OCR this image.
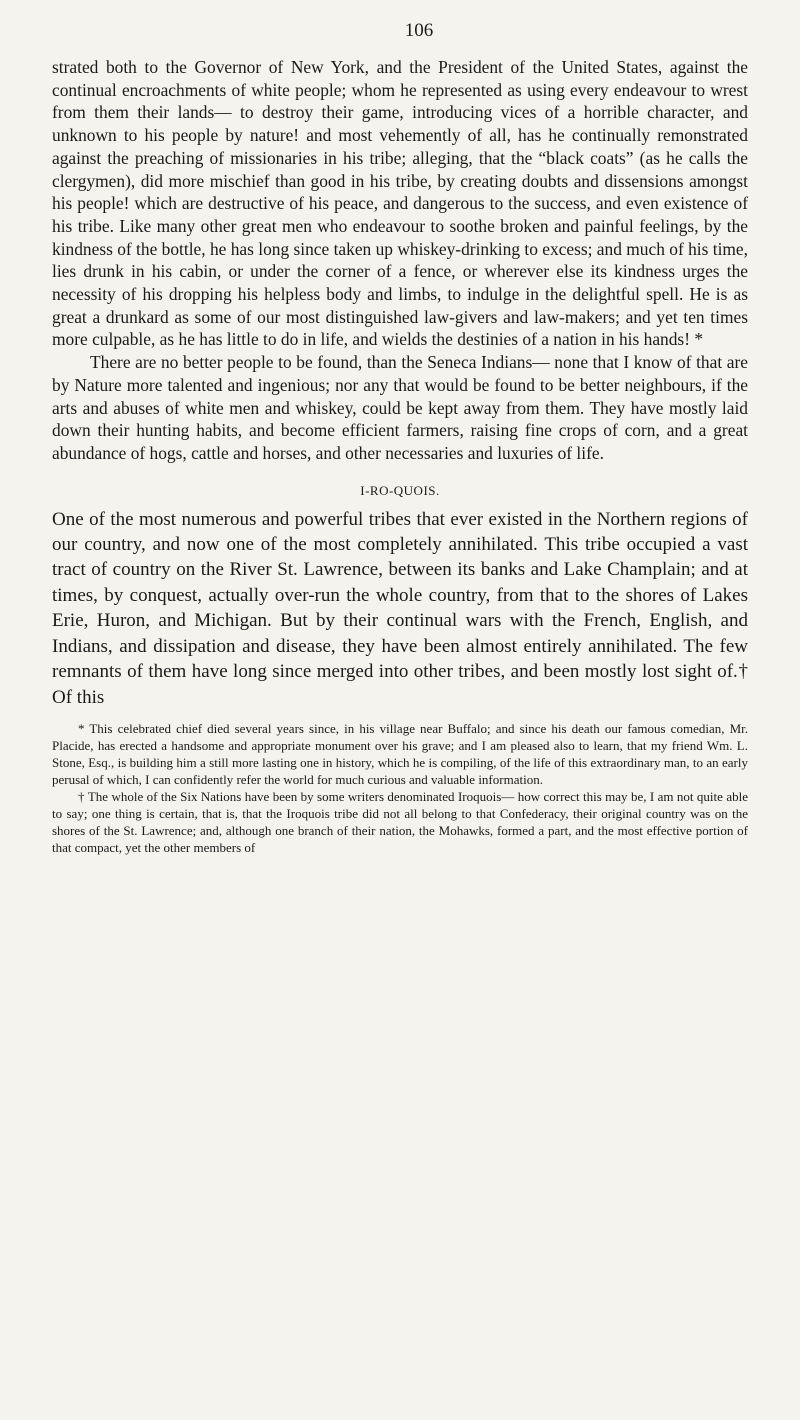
106

strated both to the Governor of New York, and the President of the United States, against the continual encroachments of white people; whom he represented as using every endeavour to wrest from them their lands— to destroy their game, introducing vices of a horrible character, and unknown to his people by nature! and most vehemently of all, has he continually remonstrated against the preaching of missionaries in his tribe; alleging, that the “black coats” (as he calls the clergymen), did more mischief than good in his tribe, by creating doubts and dissensions amongst his people! which are destructive of his peace, and dangerous to the success, and even existence of his tribe. Like many other great men who endeavour to soothe broken and painful feelings, by the kindness of the bottle, he has long since taken up whiskey-drinking to excess; and much of his time, lies drunk in his cabin, or under the corner of a fence, or wherever else its kindness urges the necessity of his dropping his helpless body and limbs, to indulge in the delightful spell. He is as great a drunkard as some of our most distinguished law-givers and law-makers; and yet ten times more culpable, as he has little to do in life, and wields the destinies of a nation in his hands! *

There are no better people to be found, than the Seneca Indians— none that I know of that are by Nature more talented and ingenious; nor any that would be found to be better neighbours, if the arts and abuses of white men and whiskey, could be kept away from them. They have mostly laid down their hunting habits, and become efficient farmers, raising fine crops of corn, and a great abundance of hogs, cattle and horses, and other necessaries and luxuries of life.

I-RO-QUOIS.

One of the most numerous and powerful tribes that ever existed in the Northern regions of our country, and now one of the most completely annihilated. This tribe occupied a vast tract of country on the River St. Lawrence, between its banks and Lake Champlain; and at times, by conquest, actually over-run the whole country, from that to the shores of Lakes Erie, Huron, and Michigan. But by their continual wars with the French, English, and Indians, and dissipation and disease, they have been almost entirely annihilated. The few remnants of them have long since merged into other tribes, and been mostly lost sight of.† Of this

* This celebrated chief died several years since, in his village near Buffalo; and since his death our famous comedian, Mr. Placide, has erected a handsome and appropriate monument over his grave; and I am pleased also to learn, that my friend Wm. L. Stone, Esq., is building him a still more lasting one in history, which he is compiling, of the life of this extraordinary man, to an early perusal of which, I can confidently refer the world for much curious and valuable information.

† The whole of the Six Nations have been by some writers denominated Iroquois— how correct this may be, I am not quite able to say; one thing is certain, that is, that the Iroquois tribe did not all belong to that Confederacy, their original country was on the shores of the St. Lawrence; and, although one branch of their nation, the Mohawks, formed a part, and the most effective portion of that compact, yet the other members of
